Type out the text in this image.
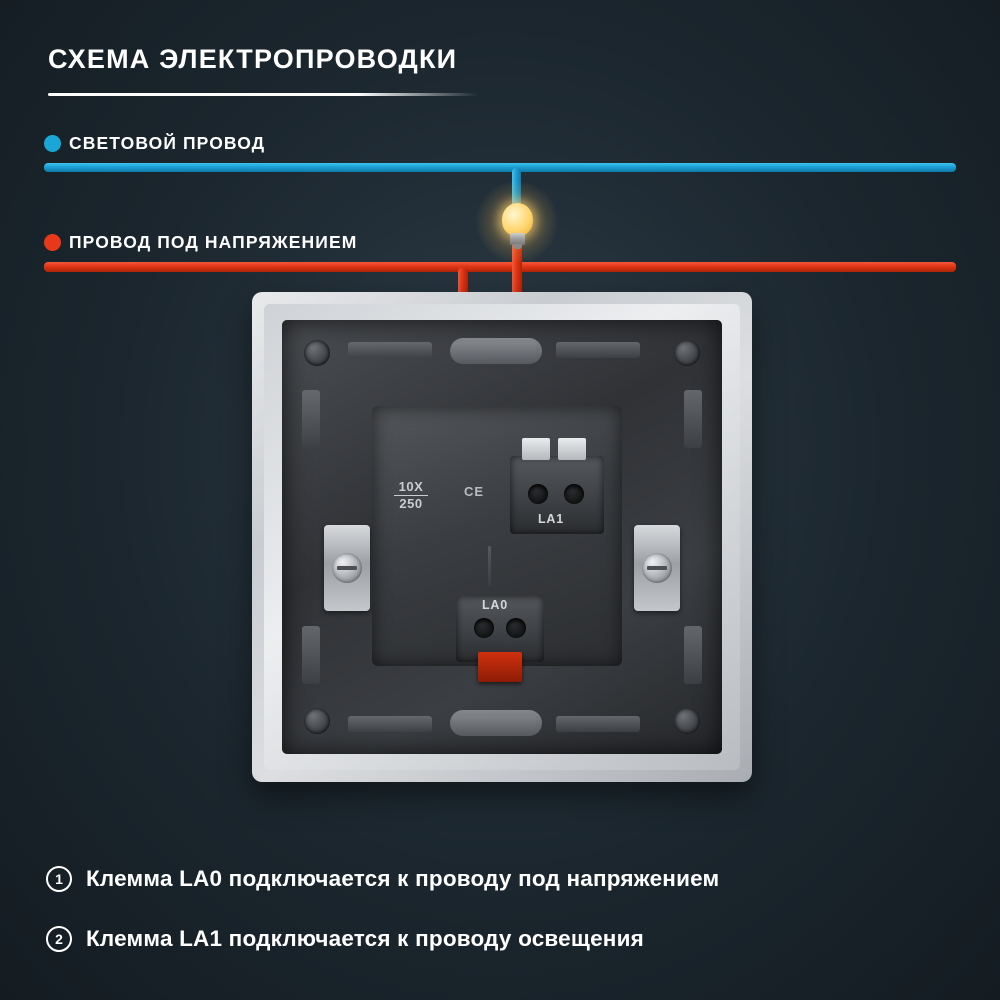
СХЕМА ЭЛЕКТРОПРОВОДКИ
СВЕТОВОЙ ПРОВОД
ПРОВОД ПОД НАПРЯЖЕНИЕМ
10X
250
CE
LA1
LA0
1	Клемма LA0 подключается к проводу под напряжением
2	Клемма LA1 подключается к проводу освещения
